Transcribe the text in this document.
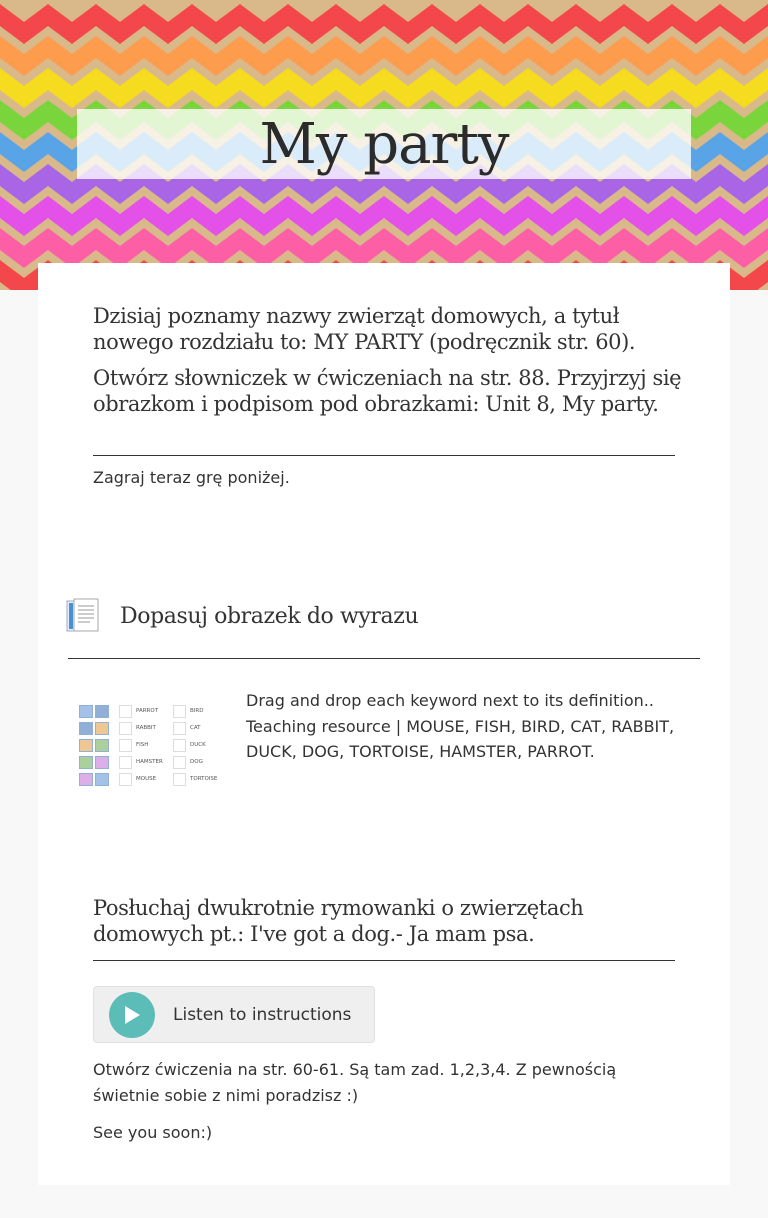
My party

Dzisiaj poznamy nazwy zwierząt domowych, a tytuł nowego rozdziału to: MY PARTY (podręcznik str. 60).

Otwórz słowniczek w ćwiczeniach na str. 88. Przyjrzyj się obrazkom i podpisom pod obrazkami: Unit 8, My party.

Zagraj teraz grę poniżej.
Dopasuj obrazek do wyrazu
PARROT	BIRD
RABBIT	CAT
FISH	DUCK
HAMSTER	DOG
MOUSE	TORTOISE
Drag and drop each keyword next to its definition.. Teaching resource | MOUSE, FISH, BIRD, CAT, RABBIT, DUCK, DOG, TORTOISE, HAMSTER, PARROT.
Posłuchaj dwukrotnie rymowanki o zwierzętach domowych pt.: I've got a dog.- Ja mam psa.
Listen to instructions
Otwórz ćwiczenia na str. 60-61. Są tam zad. 1,2,3,4. Z pewnością świetnie sobie z nimi poradzisz :)
See you soon:)
